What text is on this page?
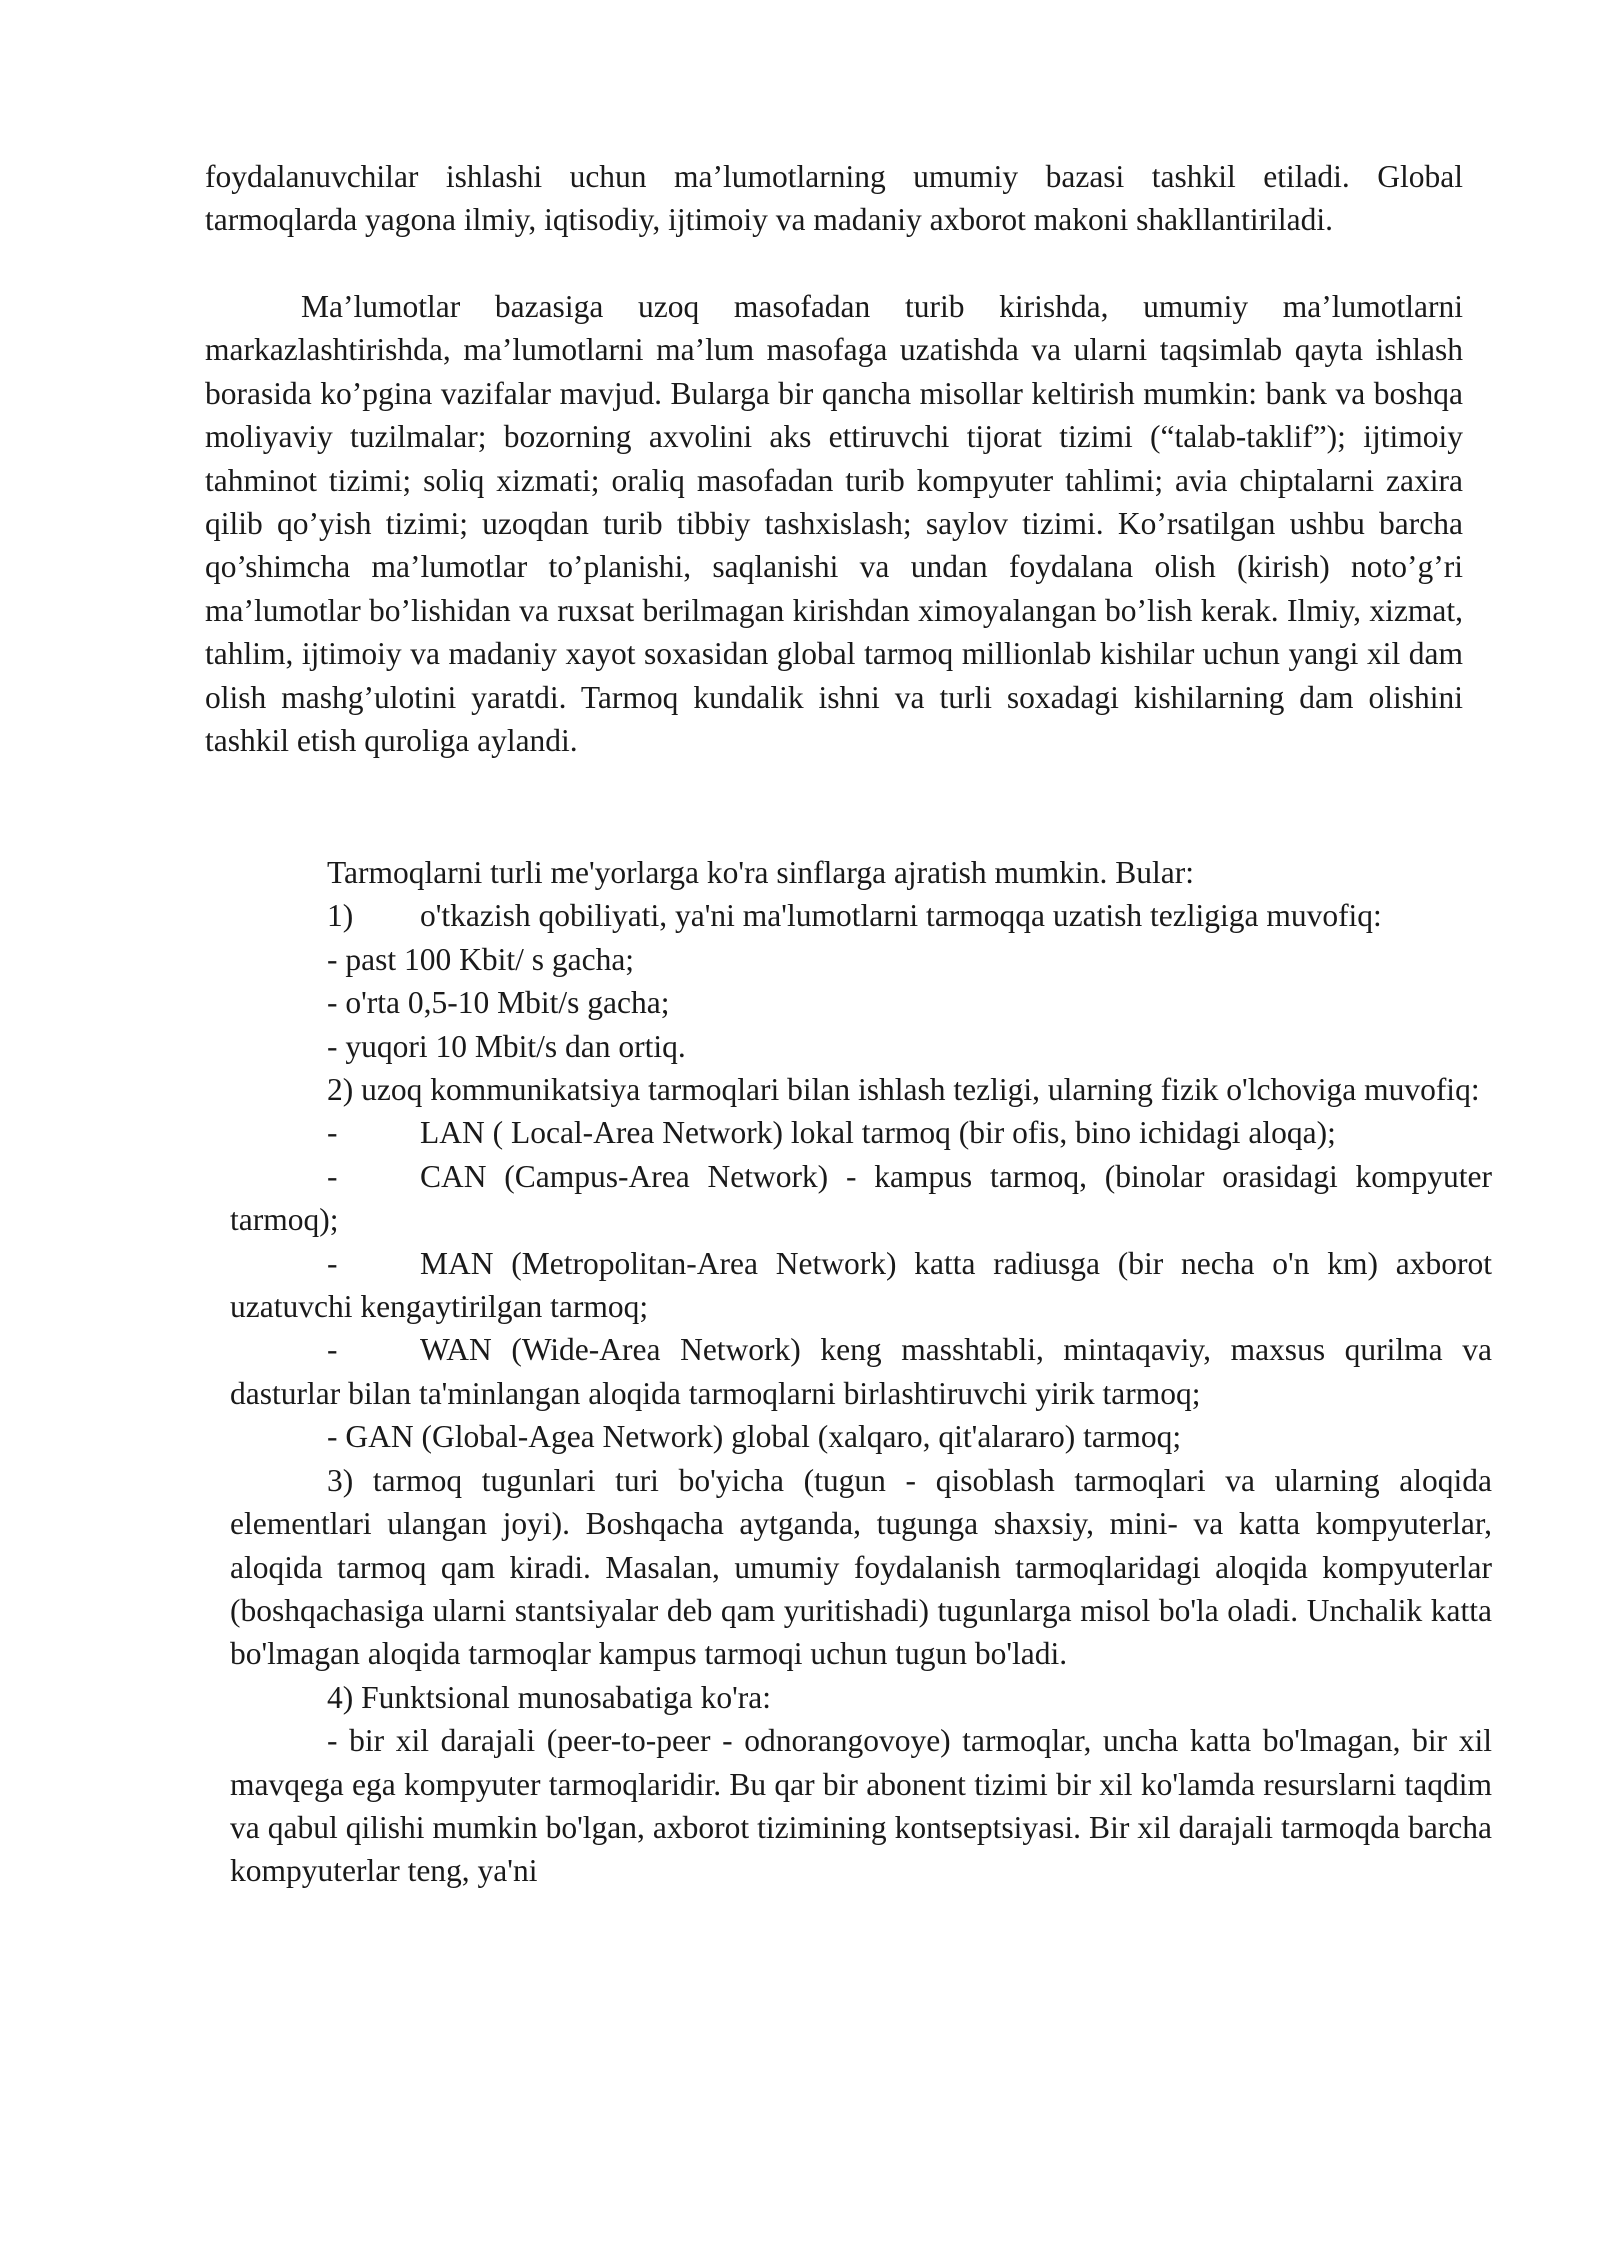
foydalanuvchilar ishlashi uchun ma’lumotlarning umumiy bazasi tashkil etiladi. Global tarmoqlarda yagona ilmiy, iqtisodiy, ijtimoiy va madaniy axborot makoni shakllantiriladi.

Ma’lumotlar bazasiga uzoq masofadan turib kirishda, umumiy ma’lumotlarni markazlashtirishda, ma’lumotlarni ma’lum masofaga uzatishda va ularni taqsimlab qayta ishlash borasida ko’pgina vazifalar mavjud. Bularga bir qancha misollar keltirish mumkin: bank va boshqa moliyaviy tuzilmalar; bozorning axvolini aks ettiruvchi tijorat tizimi (“talab-taklif”); ijtimoiy tahminot tizimi; soliq xizmati; oraliq masofadan turib kompyuter tahlimi; avia chiptalarni zaxira qilib qo’yish tizimi; uzoqdan turib tibbiy tashxislash; saylov tizimi. Ko’rsatilgan ushbu barcha qo’shimcha ma’lumotlar to’planishi, saqlanishi va undan foydalana olish (kirish) noto’g’ri ma’lumotlar bo’lishidan va ruxsat berilmagan kirishdan ximoyalangan bo’lish kerak. Ilmiy, xizmat, tahlim, ijtimoiy va madaniy xayot soxasidan global tarmoq millionlab kishilar uchun yangi xil dam olish mashg’ulotini yaratdi. Tarmoq kundalik ishni va turli soxadagi kishilarning dam olishini tashkil etish quroliga aylandi.

Tarmoqlarni turli me'yorlarga ko'ra sinflarga ajratish mumkin. Bular:

1) o'tkazish qobiliyati, ya'ni ma'lumotlarni tarmoqqa uzatish tezligiga muvofiq:

- past 100 Kbit/ s gacha;

- o'rta 0,5-10 Mbit/s gacha;

- yuqori 10 Mbit/s dan ortiq.

2) uzoq kommunikatsiya tarmoqlari bilan ishlash tezligi, ularning fizik o'lchoviga muvofiq:

-	LAN ( Local-Area Network) lokal tarmoq (bir ofis, bino ichidagi aloqa);

-	CAN (Campus-Area Network) - kampus tarmoq, (binolar orasidagi kompyuter tarmoq);

-	MAN (Metropolitan-Area Network) katta radiusga (bir necha o'n km) axborot uzatuvchi kengaytirilgan tarmoq;

-	WAN (Wide-Area Network) keng masshtabli, mintaqaviy, maxsus qurilma va dasturlar bilan ta'minlangan aloqida tarmoqlarni birlashtiruvchi yirik tarmoq;

- GAN (Global-Agea Network) global (xalqaro, qit'alararo) tarmoq;

3) tarmoq tugunlari turi bo'yicha (tugun - qisoblash tarmoqlari va ularning aloqida elementlari ulangan joyi). Boshqacha aytganda, tugunga shaxsiy, mini- va katta kompyuterlar, aloqida tarmoq qam kiradi. Masalan, umumiy foydalanish tarmoqlaridagi aloqida kompyuterlar (boshqachasiga ularni stantsiyalar deb qam yuritishadi) tugunlarga misol bo'la oladi. Unchalik katta bo'lmagan aloqida tarmoqlar kampus tarmoqi uchun tugun bo'ladi.

4) Funktsional munosabatiga ko'ra:

- bir xil darajali (peer-to-peer - odnorangovoye) tarmoqlar, uncha katta bo'lmagan, bir xil mavqega ega kompyuter tarmoqlaridir. Bu qar bir abonent tizimi bir xil ko'lamda resurslarni taqdim va qabul qilishi mumkin bo'lgan, axborot tizimining kontseptsiyasi. Bir xil darajali tarmoqda barcha kompyuterlar teng, ya'ni
